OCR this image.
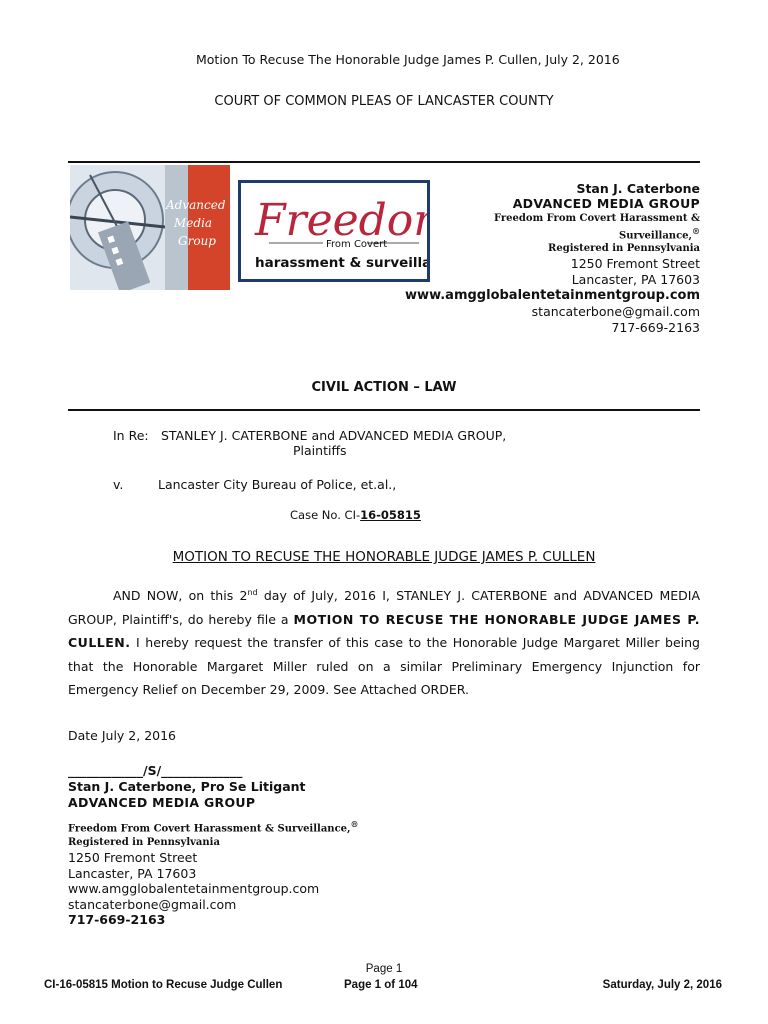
Motion To Recuse The Honorable Judge James P. Cullen, July 2, 2016
COURT OF COMMON PLEAS OF LANCASTER COUNTY
Advanced
Media
Group Freedo
From Covert
harassment & surveilla
Stan J. Caterbone
ADVANCED MEDIA GROUP
Freedom From Covert Harassment &
Surveillance,®
Registered in Pennsylvania
1250 Fremont Street
Lancaster, PA 17603
www.amgglobalentetainmentgroup.com
stancaterbone@gmail.com
717-669-2163
CIVIL ACTION – LAW
In Re: STANLEY J. CATERBONE and ADVANCED MEDIA GROUP,
Plaintiffs
v.	Lancaster City Bureau of Police, et.al.,
Case No. CI-16-05815
MOTION TO RECUSE THE HONORABLE JUDGE JAMES P. CULLEN
AND NOW, on this 2nd day of July, 2016 I, STANLEY J. CATERBONE and ADVANCED MEDIA GROUP, Plaintiff's, do hereby file a MOTION TO RECUSE THE HONORABLE JUDGE JAMES P. CULLEN. I hereby request the transfer of this case to the Honorable Judge Margaret Miller being that the Honorable Margaret Miller ruled on a similar Preliminary Emergency Injunction for Emergency Relief on December 29, 2009. See Attached ORDER.
Date July 2, 2016
____________/S/_____________
Stan J. Caterbone, Pro Se Litigant
ADVANCED MEDIA GROUP
Freedom From Covert Harassment & Surveillance,®
Registered in Pennsylvania
1250 Fremont Street
Lancaster, PA 17603
www.amgglobalentetainmentgroup.com
stancaterbone@gmail.com
717-669-2163
Page 1
CI-16-05815 Motion to Recuse Judge Cullen	Page 1 of 104	Saturday, July 2, 2016
